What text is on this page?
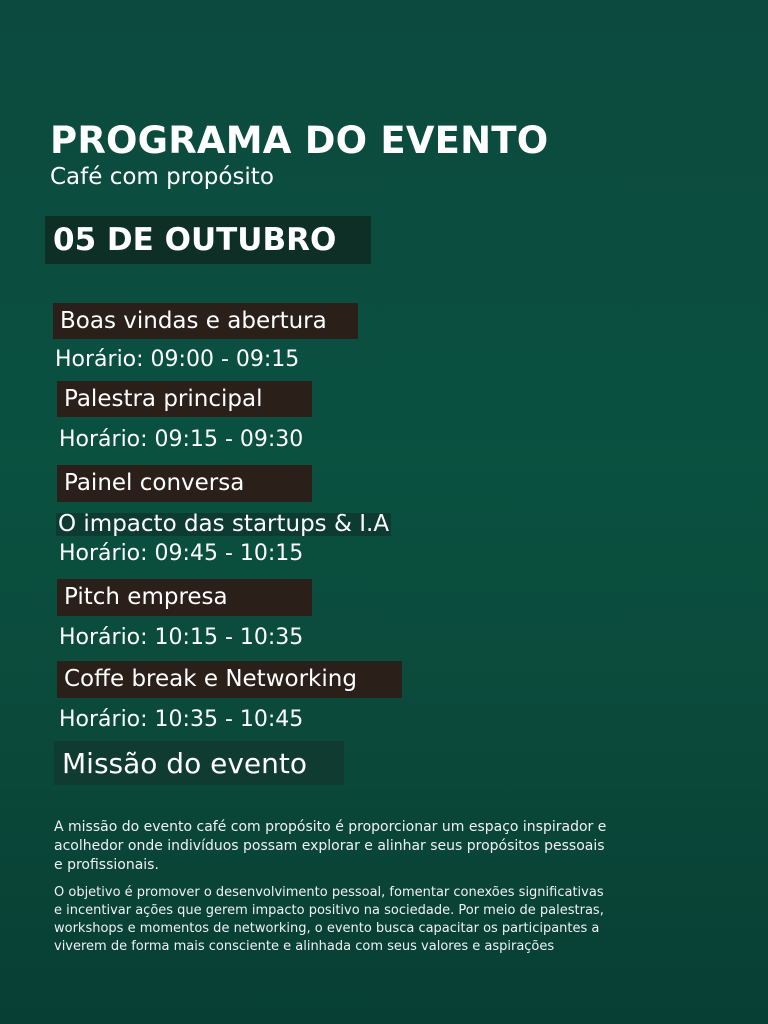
PROGRAMA DO EVENTO
Café com propósito
05 DE OUTUBRO
Boas vindas e abertura
Horário: 09:00 - 09:15
Palestra principal
Horário: 09:15 - 09:30
Painel conversa
O impacto das startups & I.A
Horário: 09:45 - 10:15
Pitch empresa
Horário: 10:15 - 10:35
Coffe break e Networking
Horário: 10:35 - 10:45
Missão do evento
A missão do evento café com propósito é proporcionar um espaço inspirador e acolhedor onde indivíduos possam explorar e alinhar seus propósitos pessoais e profissionais.
O objetivo é promover o desenvolvimento pessoal, fomentar conexões significativas e incentivar ações que gerem impacto positivo na sociedade. Por meio de palestras, workshops e momentos de networking, o evento busca capacitar os participantes a viverem de forma mais consciente e alinhada com seus valores e aspirações
